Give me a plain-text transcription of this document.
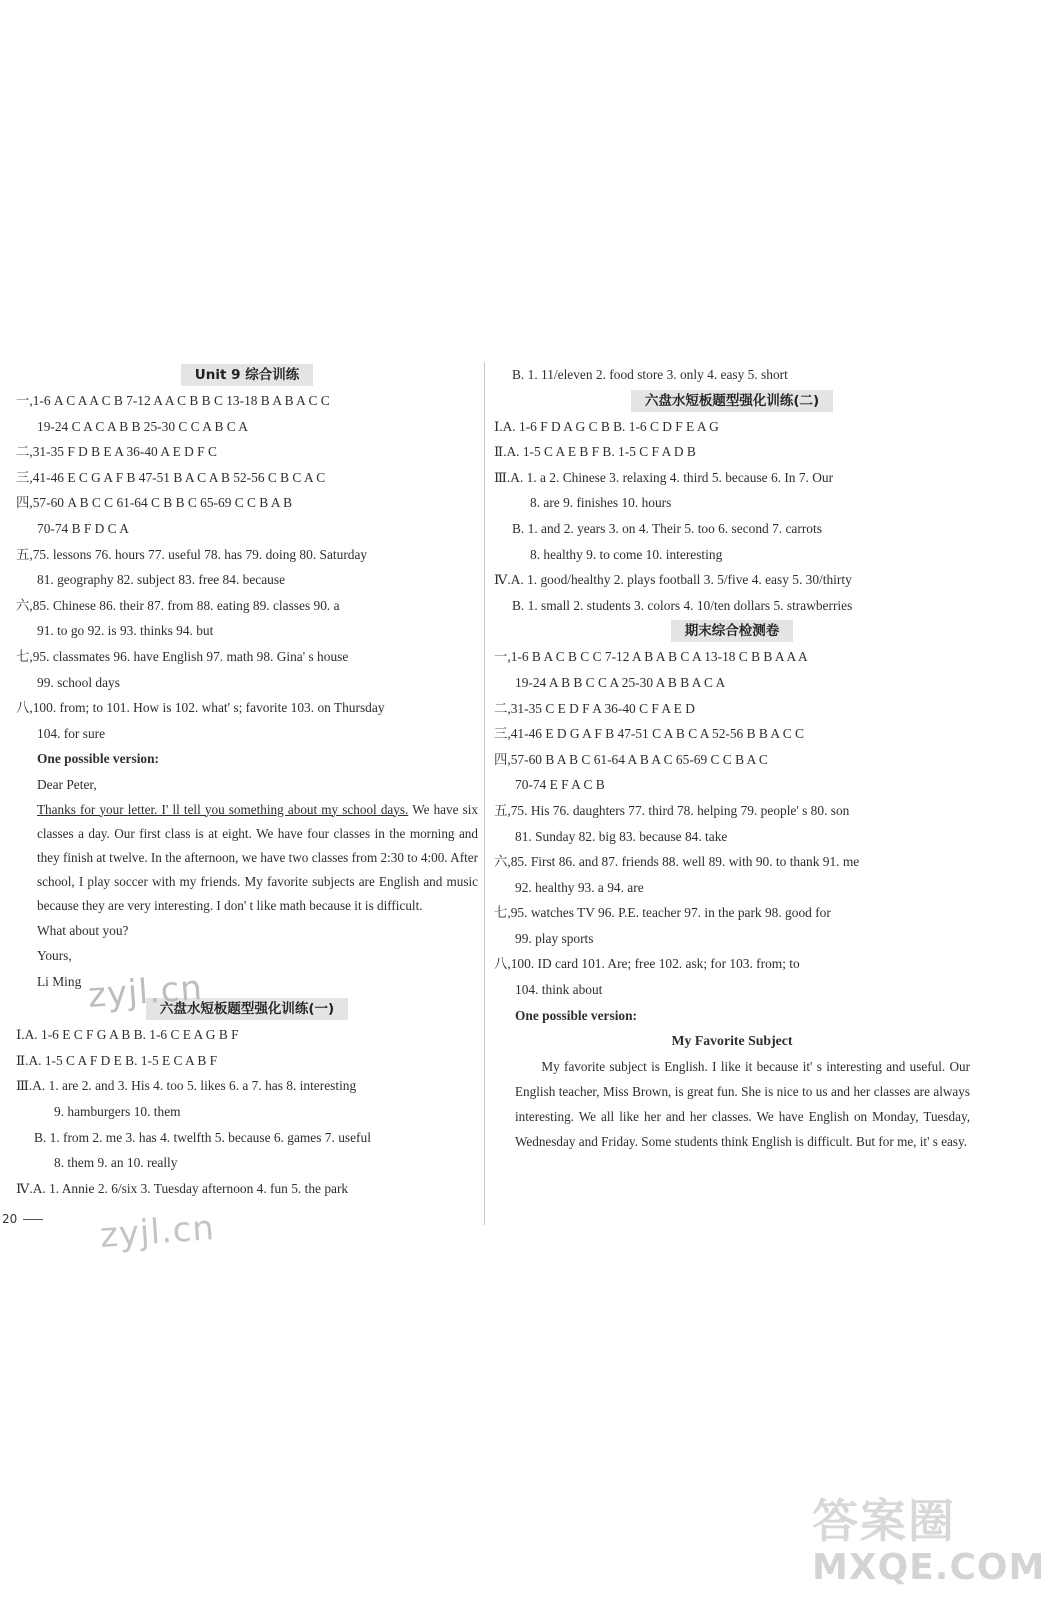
Unit 9 综合训练
一,1-6 A C A A C B 7-12 A A C B B C 13-18 B A B A C C
19-24 C A C A B B 25-30 C C A B C A
二,31-35 F D B E A 36-40 A E D F C
三,41-46 E C G A F B 47-51 B A C A B 52-56 C B C A C
四,57-60 A B C C 61-64 C B B C 65-69 C C B A B
70-74 B F D C A
五,75. lessons 76. hours 77. useful 78. has 79. doing 80. Saturday
81. geography 82. subject 83. free 84. because
六,85. Chinese 86. their 87. from 88. eating 89. classes 90. a
91. to go 92. is 93. thinks 94. but
七,95. classmates 96. have English 97. math 98. Gina' s house
99. school days
八,100. from; to 101. How is 102. what' s; favorite 103. on Thursday
104. for sure
One possible version:
Dear Peter,
Thanks for your letter. I' ll tell you something about my school days. We have six classes a day. Our first class is at eight. We have four classes in the morning and they finish at twelve. In the afternoon, we have two classes from 2:30 to 4:00. After school, I play soccer with my friends. My favorite subjects are English and music because they are very interesting. I don' t like math because it is difficult.
What about you?
Yours,
Li Ming
六盘水短板题型强化训练(一)
Ⅰ.A. 1-6 E C F G A B B. 1-6 C E A G B F
Ⅱ.A. 1-5 C A F D E B. 1-5 E C A B F
Ⅲ.A. 1. are 2. and 3. His 4. too 5. likes 6. a 7. has 8. interesting
9. hamburgers 10. them
B. 1. from 2. me 3. has 4. twelfth 5. because 6. games 7. useful
8. them 9. an 10. really
Ⅳ.A. 1. Annie 2. 6/six 3. Tuesday afternoon 4. fun 5. the park
B. 1. 11/eleven 2. food store 3. only 4. easy 5. short
六盘水短板题型强化训练(二)
Ⅰ.A. 1-6 F D A G C B B. 1-6 C D F E A G
Ⅱ.A. 1-5 C A E B F B. 1-5 C F A D B
Ⅲ.A. 1. a 2. Chinese 3. relaxing 4. third 5. because 6. In 7. Our
8. are 9. finishes 10. hours
B. 1. and 2. years 3. on 4. Their 5. too 6. second 7. carrots
8. healthy 9. to come 10. interesting
Ⅳ.A. 1. good/healthy 2. plays football 3. 5/five 4. easy 5. 30/thirty
B. 1. small 2. students 3. colors 4. 10/ten dollars 5. strawberries
期末综合检测卷
一,1-6 B A C B C C 7-12 A B A B C A 13-18 C B B A A A
19-24 A B B C C A 25-30 A B B A C A
二,31-35 C E D F A 36-40 C F A E D
三,41-46 E D G A F B 47-51 C A B C A 52-56 B B A C C
四,57-60 B A B C 61-64 A B A C 65-69 C C B A C
70-74 E F A C B
五,75. His 76. daughters 77. third 78. helping 79. people' s 80. son
81. Sunday 82. big 83. because 84. take
六,85. First 86. and 87. friends 88. well 89. with 90. to thank 91. me
92. healthy 93. a 94. are
七,95. watches TV 96. P.E. teacher 97. in the park 98. good for
99. play sports
八,100. ID card 101. Are; free 102. ask; for 103. from; to
104. think about
One possible version:
My Favorite Subject
My favorite subject is English. I like it because it' s interesting and useful. Our English teacher, Miss Brown, is great fun. She is nice to us and her classes are always interesting. We all like her and her classes. We have English on Monday, Tuesday, Wednesday and Friday. Some students think English is difficult. But for me, it' s easy.
20
zyjl.cn
zyjl.cn
答案圈
MXQE.COM
